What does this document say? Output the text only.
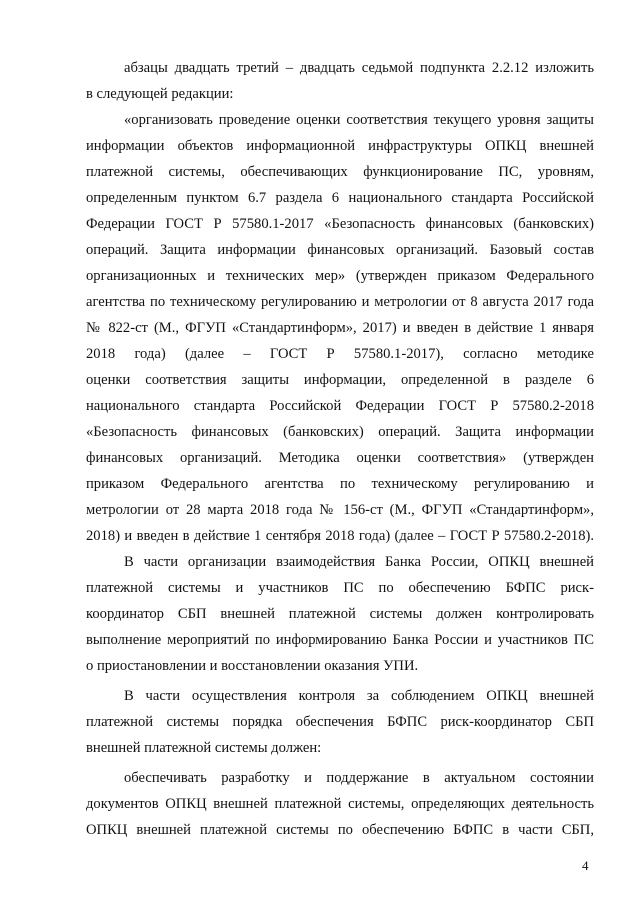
абзацы двадцать третий – двадцать седьмой подпункта 2.2.12 изложить
в следующей редакции:
«организовать проведение оценки соответствия текущего уровня защиты
информации объектов информационной инфраструктуры ОПКЦ внешней
платежной системы, обеспечивающих функционирование ПС, уровням,
определенным пунктом 6.7 раздела 6 национального стандарта Российской
Федерации ГОСТ Р 57580.1-2017 «Безопасность финансовых (банковских)
операций. Защита информации финансовых организаций. Базовый состав
организационных и технических мер» (утвержден приказом Федерального
агентства по техническому регулированию и метрологии от 8 августа 2017 года
№ 822-ст (М., ФГУП «Стандартинформ», 2017) и введен в действие 1 января
2018 года) (далее – ГОСТ Р 57580.1-2017), согласно методике
оценки соответствия защиты информации, определенной в разделе 6
национального стандарта Российской Федерации ГОСТ Р 57580.2-2018
«Безопасность финансовых (банковских) операций. Защита информации
финансовых организаций. Методика оценки соответствия» (утвержден
приказом Федерального агентства по техническому регулированию и
метрологии от 28 марта 2018 года № 156-ст (М., ФГУП «Стандартинформ»,
2018) и введен в действие 1 сентября 2018 года) (далее – ГОСТ Р 57580.2-2018).
В части организации взаимодействия Банка России, ОПКЦ внешней
платежной системы и участников ПС по обеспечению БФПС риск-
координатор СБП внешней платежной системы должен контролировать
выполнение мероприятий по информированию Банка России и участников ПС
о приостановлении и восстановлении оказания УПИ.
В части осуществления контроля за соблюдением ОПКЦ внешней
платежной системы порядка обеспечения БФПС риск-координатор СБП
внешней платежной системы должен:
обеспечивать разработку и поддержание в актуальном состоянии
документов ОПКЦ внешней платежной системы, определяющих деятельность
ОПКЦ внешней платежной системы по обеспечению БФПС в части СБП,
4
